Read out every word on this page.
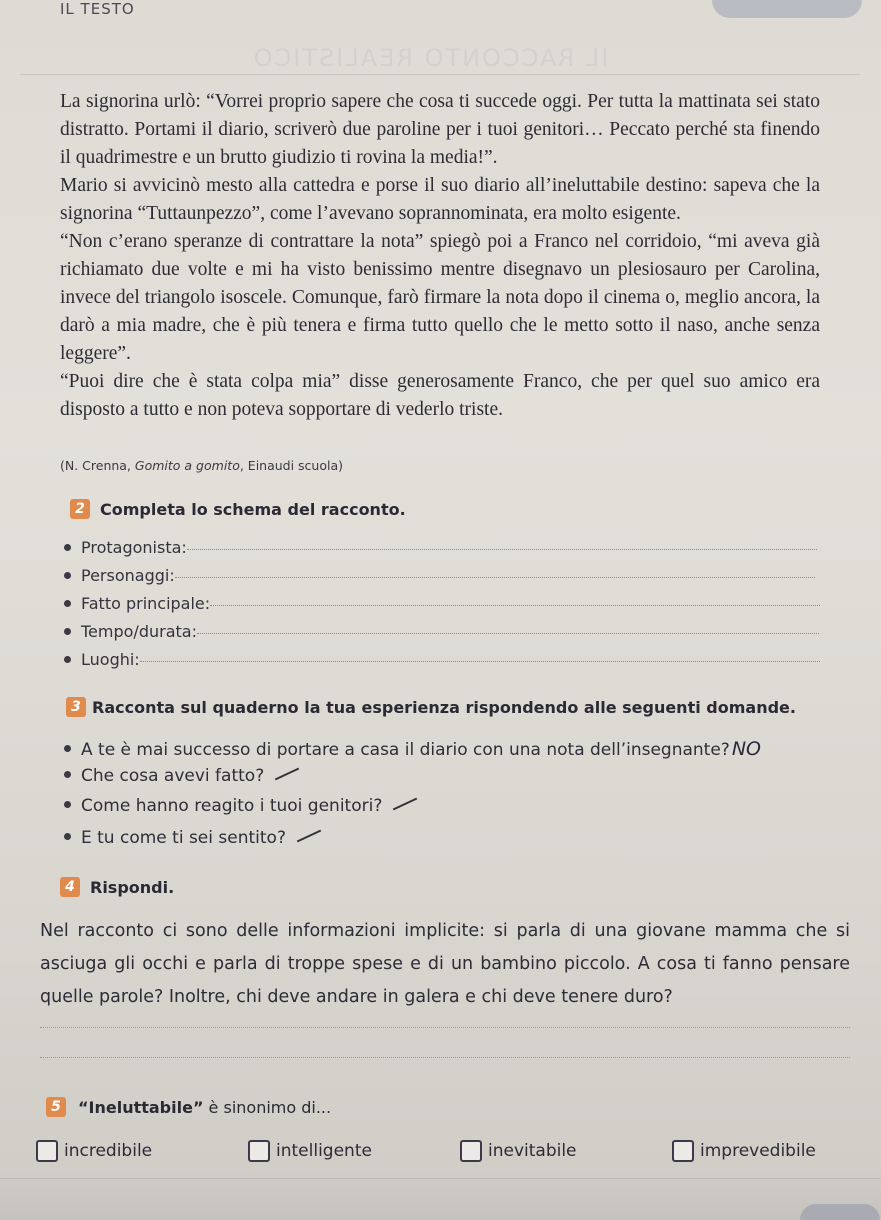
IL TESTO
IL RACCONTO REALISTICO

La signorina urlò: “Vorrei proprio sapere che cosa ti succede oggi. Per tutta la mattinata sei stato distratto. Portami il diario, scriverò due paroline per i tuoi genitori… Peccato perché sta finendo il quadrimestre e un brutto giudizio ti rovina la media!”.

Mario si avvicinò mesto alla cattedra e porse il suo diario all’ineluttabile destino: sapeva che la signorina “Tuttaunpezzo”, come l’avevano soprannominata, era molto esigente.

“Non c’erano speranze di contrattare la nota” spiegò poi a Franco nel corridoio, “mi aveva già richiamato due volte e mi ha visto benissimo mentre disegnavo un plesiosauro per Carolina, invece del triangolo isoscele. Comunque, farò firmare la nota dopo il cinema o, meglio ancora, la darò a mia madre, che è più tenera e firma tutto quello che le metto sotto il naso, anche senza leggere”.

“Puoi dire che è stata colpa mia” disse generosamente Franco, che per quel suo amico era disposto a tutto e non poteva sopportare di vederlo triste.

(N. Crenna, Gomito a gomito, Einaudi scuola)
2 Completa lo schema del racconto.
Protagonista:
Personaggi:
Fatto principale:
Tempo/durata:
Luoghi:
3 Racconta sul quaderno la tua esperienza rispondendo alle seguenti domande.
A te è mai successo di portare a casa il diario con una nota dell’insegnante? NO
Che cosa avevi fatto?
Come hanno reagito i tuoi genitori?
E tu come ti sei sentito?
4 Rispondi.
Nel racconto ci sono delle informazioni implicite: si parla di una giovane mamma che si asciuga gli occhi e parla di troppe spese e di un bambino piccolo. A cosa ti fanno pensare quelle parole? Inoltre, chi deve andare in galera e chi deve tenere duro?
5	“Ineluttabile” è sinonimo di...
incredibile	intelligente	inevitabile	imprevedibile
